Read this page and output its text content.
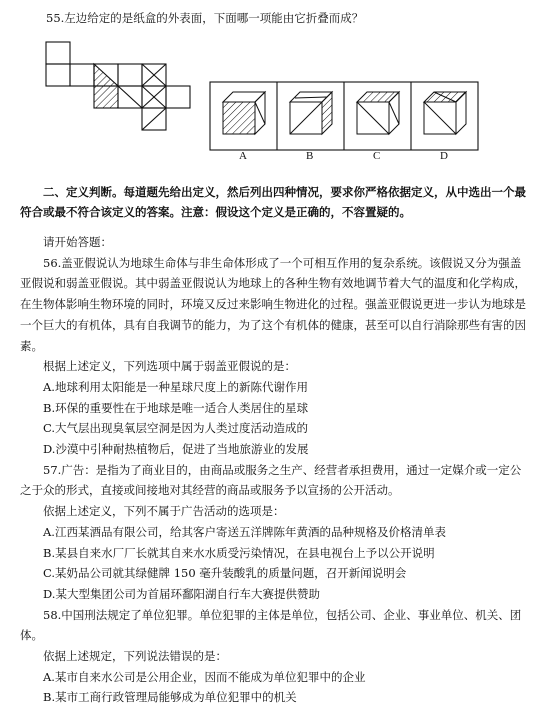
55.左边给定的是纸盒的外表面，下面哪一项能由它折叠而成？
A	B	C	D

二、定义判断。每道题先给出定义，然后列出四种情况，要求你严格依据定义，从中选出一个最符合或最不符合该定义的答案。注意：假设这个定义是正确的，不容置疑的。

请开始答题：

56.盖亚假说认为地球生命体与非生命体形成了一个可相互作用的复杂系统。该假说又分为强盖亚假说和弱盖亚假说。其中弱盖亚假说认为地球上的各种生物有效地调节着大气的温度和化学构成，在生物体影响生物环境的同时，环境又反过来影响生物进化的过程。强盖亚假说更进一步认为地球是一个巨大的有机体，具有自我调节的能力，为了这个有机体的健康，甚至可以自行消除那些有害的因素。

根据上述定义，下列选项中属于弱盖亚假说的是：

A.地球利用太阳能是一种星球尺度上的新陈代谢作用

B.环保的重要性在于地球是唯一适合人类居住的星球

C.大气层出现臭氧层空洞是因为人类过度活动造成的

D.沙漠中引种耐热植物后，促进了当地旅游业的发展

57.广告：是指为了商业目的，由商品或服务之生产、经营者承担费用，通过一定媒介或一定公之于众的形式，直接或间接地对其经营的商品或服务予以宣扬的公开活动。

依据上述定义，下列不属于广告活动的选项是：

A.江西某酒品有限公司，给其客户寄送五洋牌陈年黄酒的品种规格及价格清单表

B.某县自来水厂厂长就其自来水水质受污染情况，在县电视台上予以公开说明

C.某奶品公司就其绿健牌 150 毫升装酸乳的质量问题，召开新闻说明会

D.某大型集团公司为首届环鄱阳湖自行车大赛提供赞助

58.中国刑法规定了单位犯罪。单位犯罪的主体是单位，包括公司、企业、事业单位、机关、团体。

依据上述规定，下列说法错误的是：

A.某市自来水公司是公用企业，因而不能成为单位犯罪中的企业

B.某市工商行政管理局能够成为单位犯罪中的机关
